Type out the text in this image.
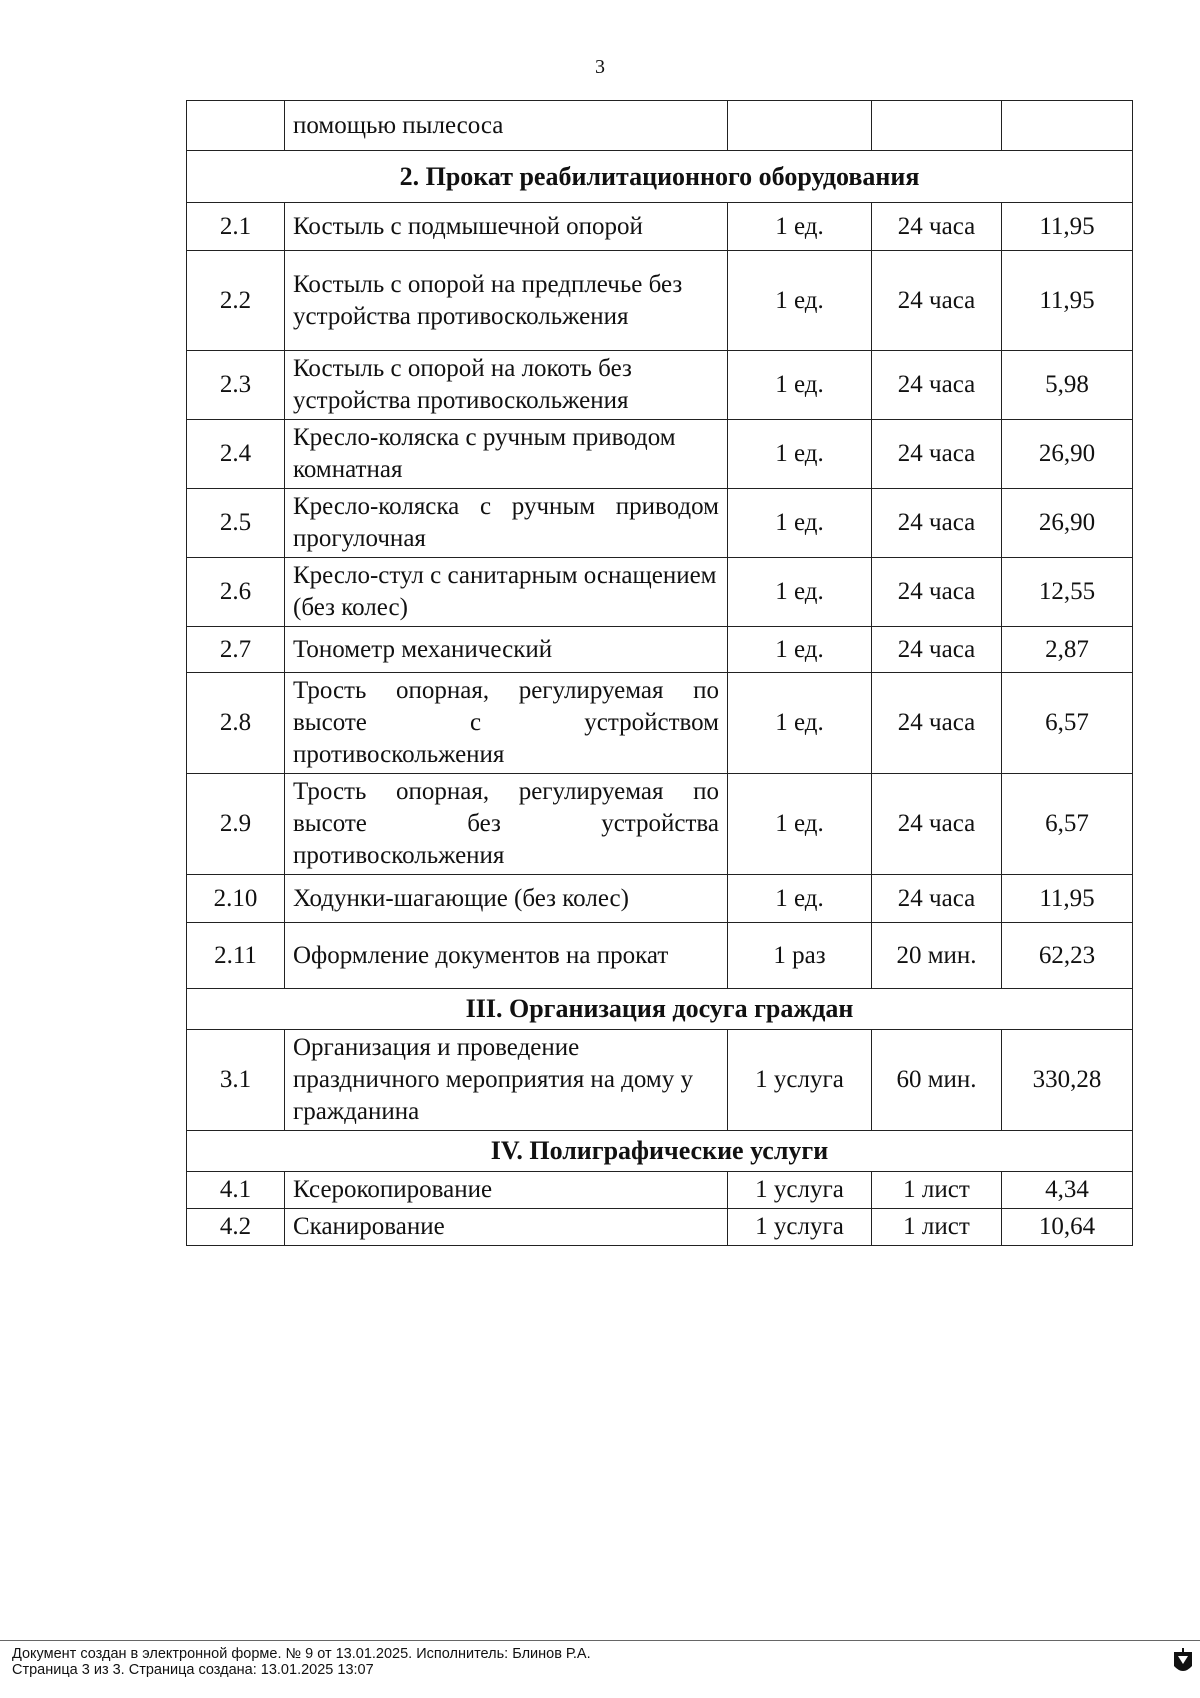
3
	помощью пылесоса			
2. Прокат реабилитационного оборудования				
2.1	Костыль с подмышечной опорой	1 ед.	24 часа	11,95
2.2	Костыль с опорой на предплечье без устройства противоскольжения	1 ед.	24 часа	11,95
2.3	Костыль с опорой на локоть без устройства противоскольжения	1 ед.	24 часа	5,98
2.4	Кресло-коляска с ручным приводом комнатная	1 ед.	24 часа	26,90
2.5	Кресло-коляска с ручным приводом прогулочная	1 ед.	24 часа	26,90
2.6	Кресло-стул с санитарным оснащением (без колес)	1 ед.	24 часа	12,55
2.7	Тонометр механический	1 ед.	24 часа	2,87
2.8	Трость опорная, регулируемая по высоте с устройством противоскольжения	1 ед.	24 часа	6,57
2.9	Трость опорная, регулируемая по высоте без устройства противоскольжения	1 ед.	24 часа	6,57
2.10	Ходунки-шагающие (без колес)	1 ед.	24 часа	11,95
2.11	Оформление документов на прокат	1 раз	20 мин.	62,23
III. Организация досуга граждан				
3.1	Организация и проведение праздничного мероприятия на дому у гражданина	1 услуга	60 мин.	330,28
IV. Полиграфические услуги				
4.1	Ксерокопирование	1 услуга	1 лист	4,34
4.2	Сканирование	1 услуга	1 лист	10,64
Документ создан в электронной форме. № 9 от 13.01.2025. Исполнитель: Блинов Р.А.
Страница 3 из 3. Страница создана: 13.01.2025 13:07
